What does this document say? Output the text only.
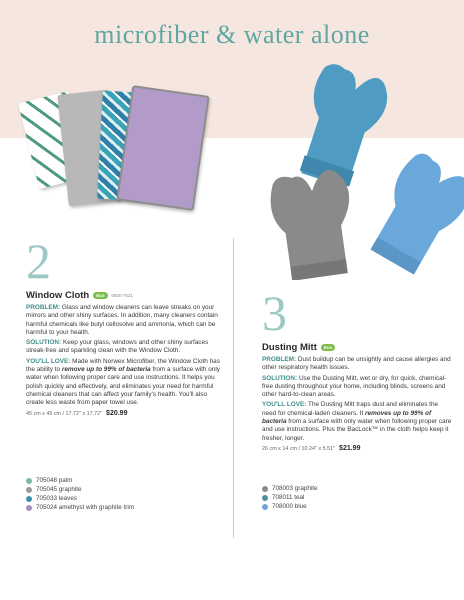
microfiber & water alone
2
Window Cloth	Eco	0500-7021

PROBLEM: Glass and window cleaners can leave streaks on your mirrors and other shiny surfaces. In addition, many cleaners contain harmful chemicals like butyl cellosolve and ammonia, which can be harmful to your health.

SOLUTION: Keep your glass, windows and other shiny surfaces streak-free and sparkling clean with the Window Cloth.

YOU'LL LOVE: Made with Norwex Microfiber, the Window Cloth has the ability to remove up to 99% of bacteria from a surface with only water when following proper care and use instructions. It helps you polish quickly and effectively, and eliminates your need for harmful chemical cleaners that can affect your family's health. You'll also create less waste from paper towel use.

45 cm x 45 cm / 17.72" x 17.72" $20.99

705048 palm
705045 graphite
705033 leaves
705024 amethyst with graphite trim
3
Dusting Mitt	Eco

PROBLEM: Dust buildup can be unsightly and cause allergies and other respiratory health issues.

SOLUTION: Use the Dusting Mitt, wet or dry, for quick, chemical-free dusting throughout your home, including blinds, screens and other hard-to-clean areas.

YOU'LL LOVE: The Dusting Mitt traps dust and eliminates the need for chemical-laden cleaners. It removes up to 99% of bacteria from a surface with only water when following proper care and use instructions. Plus the BacLock™ in the cloth helps keep it fresher, longer.

26 cm x 14 cm / 10.24" x 5.51" $21.99

708003 graphite
708011 teal
708000 blue
